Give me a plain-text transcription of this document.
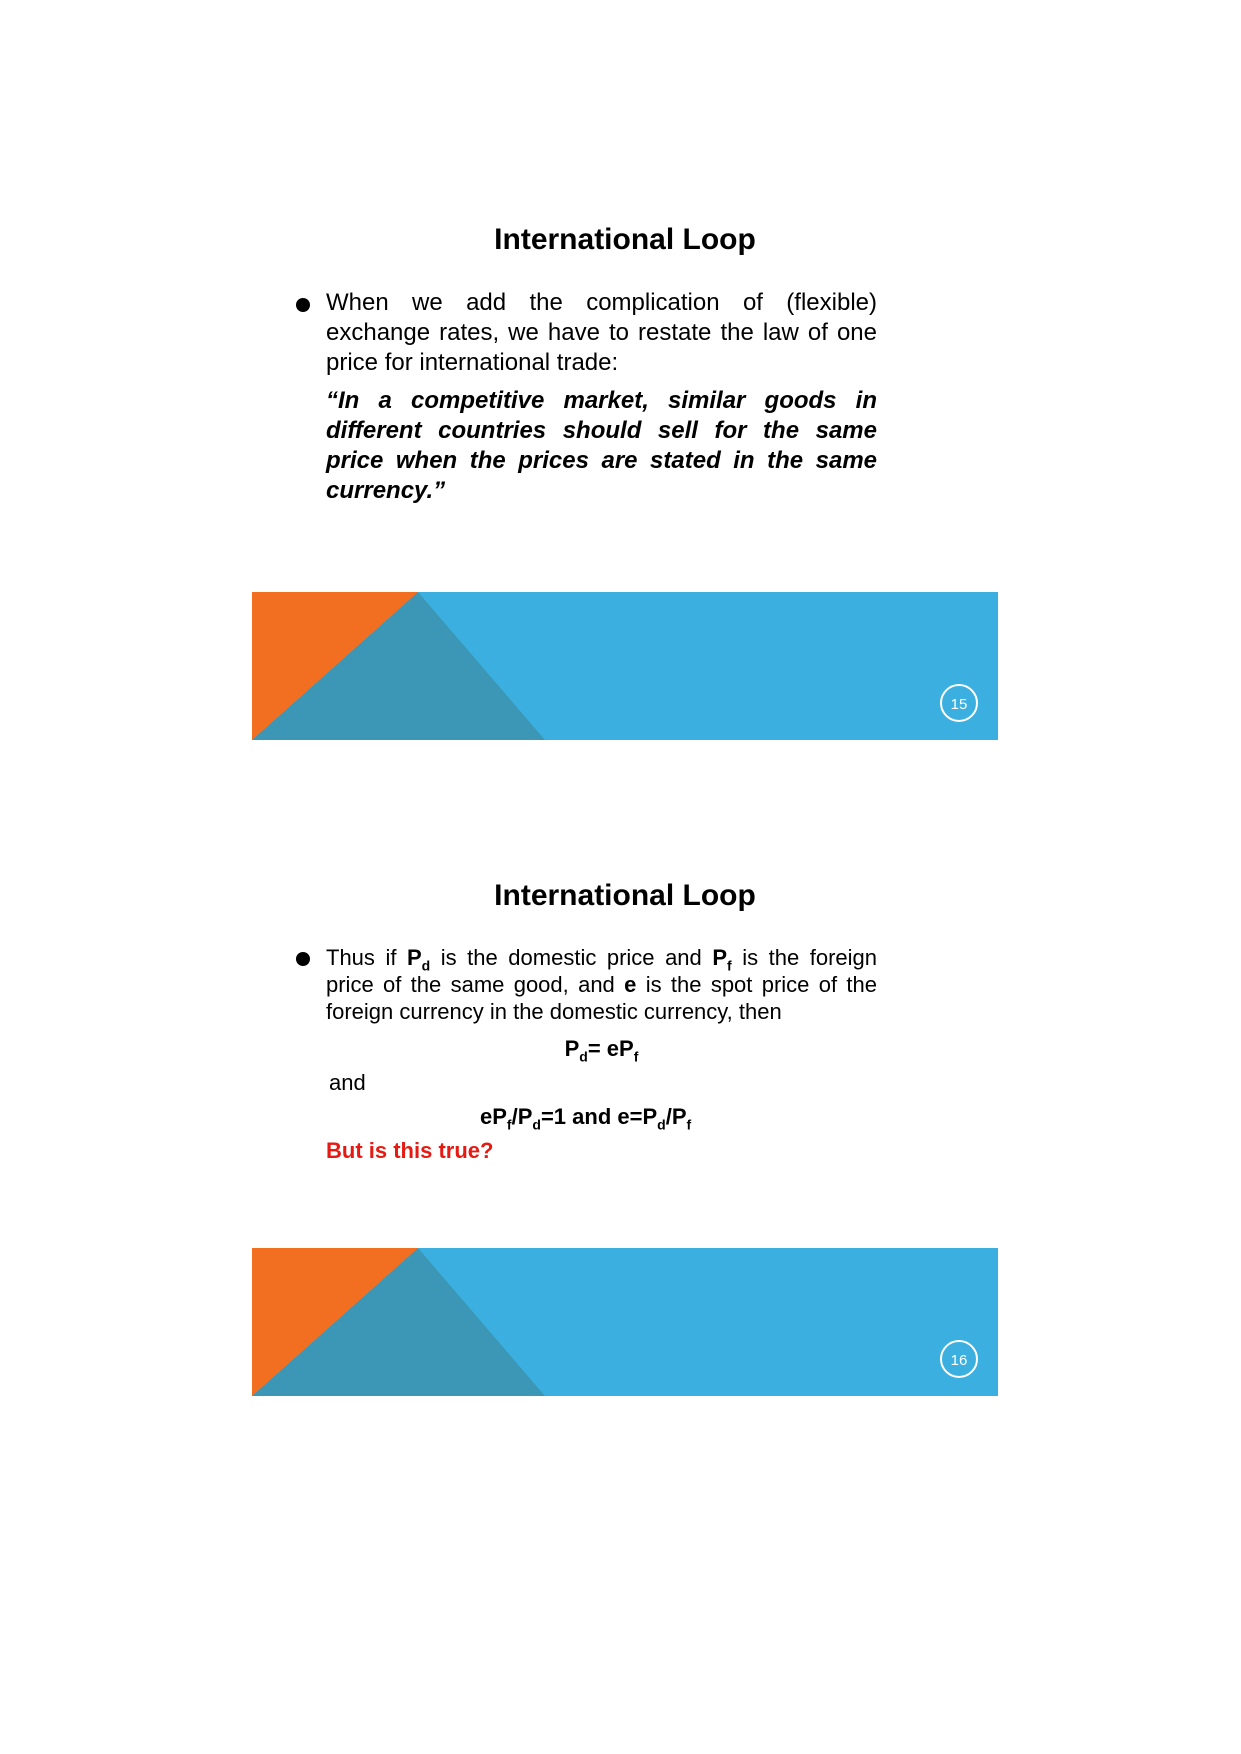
International Loop
When we add the complication of (flexible) exchange rates, we have to restate the law of one price for international trade:
“In a competitive market, similar goods in different countries should sell for the same price when the prices are stated in the same currency.”
15
International Loop
Thus if $P_d$ is the domestic price and $P_f$ is the foreign price of the same good, and e is the spot price of the foreign currency in the domestic currency, then
$P_d= eP_f$
and
$eP_f/P_d=1$ and $e=P_d/P_f$
But is this true?
16
